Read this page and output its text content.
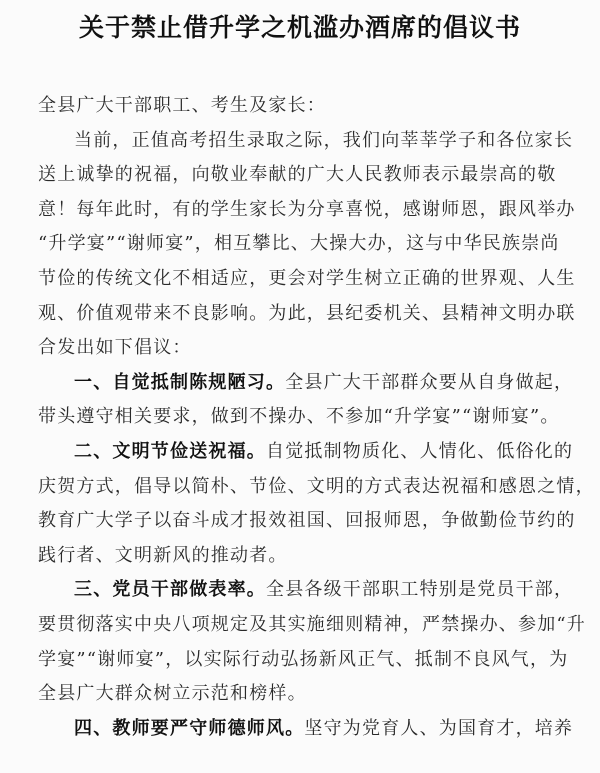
关于禁止借升学之机滥办酒席的倡议书
全县广大干部职工、考生及家长：
当前，正值高考招生录取之际，我们向莘莘学子和各位家长
送上诚挚的祝福，向敬业奉献的广大人民教师表示最崇高的敬
意！每年此时，有的学生家长为分享喜悦，感谢师恩，跟风举办
“升学宴”“谢师宴”，相互攀比、大操大办，这与中华民族崇尚
节俭的传统文化不相适应，更会对学生树立正确的世界观、人生
观、价值观带来不良影响。为此，县纪委机关、县精神文明办联
合发出如下倡议：
一、自觉抵制陈规陋习。全县广大干部群众要从自身做起，
带头遵守相关要求，做到不操办、不参加“升学宴”“谢师宴”。
二、文明节俭送祝福。自觉抵制物质化、人情化、低俗化的
庆贺方式，倡导以简朴、节俭、文明的方式表达祝福和感恩之情，
教育广大学子以奋斗成才报效祖国、回报师恩，争做勤俭节约的
践行者、文明新风的推动者。
三、党员干部做表率。全县各级干部职工特别是党员干部，
要贯彻落实中央八项规定及其实施细则精神，严禁操办、参加“升
学宴”“谢师宴”，以实际行动弘扬新风正气、抵制不良风气，为
全县广大群众树立示范和榜样。
四、教师要严守师德师风。坚守为党育人、为国育才，培养
